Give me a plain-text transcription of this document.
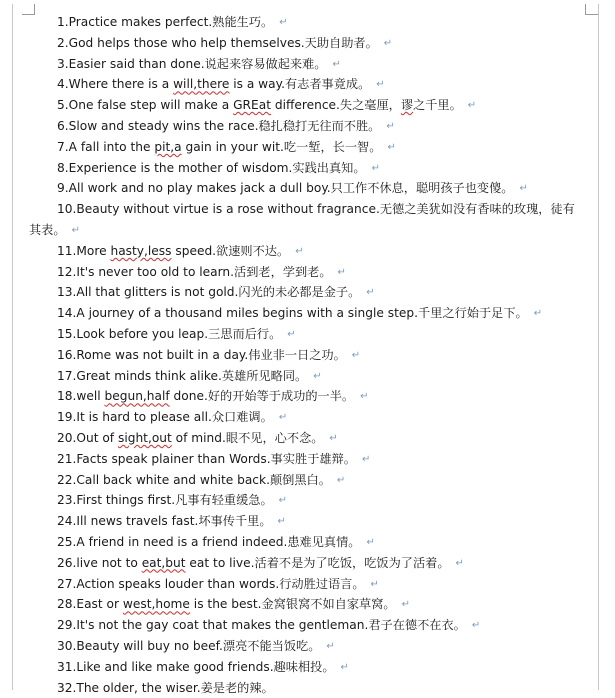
1.Practice makes perfect.熟能生巧。 ↵
2.God helps those who help themselves.天助自助者。 ↵
3.Easier said than done.说起来容易做起来难。 ↵
4.Where there is a will,there is a way.有志者事竟成。 ↵
5.One false step will make a GREat difference.失之毫厘，谬之千里。 ↵
6.Slow and steady wins the race.稳扎稳打无往而不胜。 ↵
7.A fall into the pit,a gain in your wit.吃一堑，长一智。 ↵
8.Experience is the mother of wisdom.实践出真知。 ↵
9.All work and no play makes jack a dull boy.只工作不休息，聪明孩子也变傻。 ↵
10.Beauty without virtue is a rose without fragrance.无德之美犹如没有香味的玫瑰，徒有
其表。 ↵
11.More hasty,less speed.欲速则不达。 ↵
12.It's never too old to learn.活到老，学到老。 ↵
13.All that glitters is not gold.闪光的未必都是金子。 ↵
14.A journey of a thousand miles begins with a single step.千里之行始于足下。 ↵
15.Look before you leap.三思而后行。 ↵
16.Rome was not built in a day.伟业非一日之功。 ↵
17.Great minds think alike.英雄所见略同。 ↵
18.well begun,half done.好的开始等于成功的一半。 ↵
19.It is hard to please all.众口难调。 ↵
20.Out of sight,out of mind.眼不见，心不念。 ↵
21.Facts speak plainer than Words.事实胜于雄辩。 ↵
22.Call back white and white back.颠倒黑白。 ↵
23.First things first.凡事有轻重缓急。 ↵
24.Ill news travels fast.坏事传千里。 ↵
25.A friend in need is a friend indeed.患难见真情。 ↵
26.live not to eat,but eat to live.活着不是为了吃饭，吃饭为了活着。 ↵
27.Action speaks louder than words.行动胜过语言。 ↵
28.East or west,home is the best.金窝银窝不如自家草窝。 ↵
29.It's not the gay coat that makes the gentleman.君子在德不在衣。 ↵
30.Beauty will buy no beef.漂亮不能当饭吃。 ↵
31.Like and like make good friends.趣味相投。 ↵
32.The older, the wiser.姜是老的辣。
